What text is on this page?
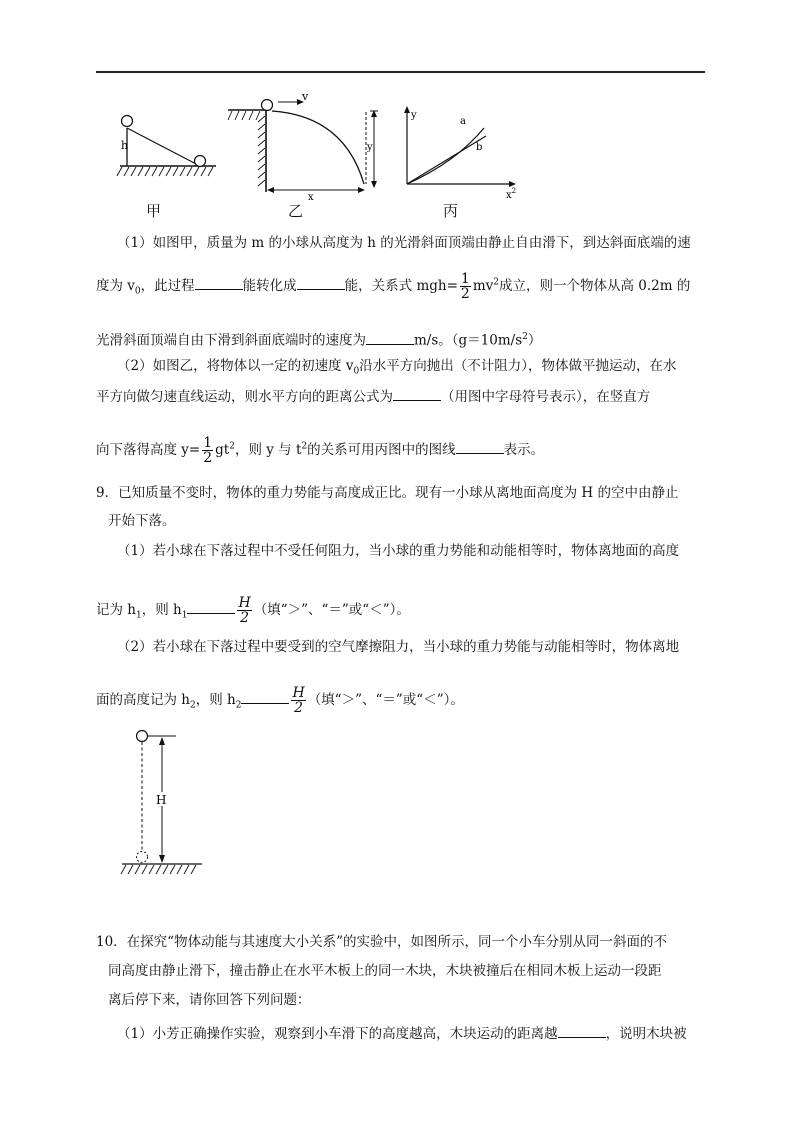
h
甲
v
y
x
乙
y
$x^2$
a
b
丙
（1）如图甲，质量为 m 的小球从高度为 h 的光滑斜面顶端由静止自由滑下，到达斜面底端的速
度为 $v_0$，此过程	能转化成	能，关系式 $mgh= \frac{1}{2} mv^2$成立，则一个物体从高 0.2m 的
光滑斜面顶端自由下滑到斜面底端时的速度为	m/s。$(g=10m/s^2)$
（2）如图乙，将物体以一定的初速度 $v_0$沿水平方向抛出（不计阻力），物体做平抛运动，在水
平方向做匀速直线运动，则水平方向的距离公式为	（用图中字母符号表示），在竖直方
向下落得高度 $y= \frac{1}{2} gt^2$，则 y 与 $t^2$的关系可用丙图中的图线	表示。
9．已知质量不变时，物体的重力势能与高度成正比。现有一小球从离地面高度为 H 的空中由静止
开始下落。
（1）若小球在下落过程中不受任何阻力，当小球的重力势能和动能相等时，物体离地面的高度
记为 $h_1$，则 $h_1$	$\frac{H}{2}$ （填“＞”、“＝”或“＜”）。
（2）若小球在下落过程中要受到的空气摩擦阻力，当小球的重力势能与动能相等时，物体离地
面的高度记为 $h_2$，则 $h_2$	$\frac{H}{2}$ （填“＞”、“＝”或“＜”）。
H
10．在探究“物体动能与其速度大小关系”的实验中，如图所示，同一个小车分别从同一斜面的不
同高度由静止滑下，撞击静止在水平木板上的同一木块，木块被撞后在相同木板上运动一段距
离后停下来，请你回答下列问题：
（1）小芳正确操作实验，观察到小车滑下的高度越高，木块运动的距离越	，说明木块被
